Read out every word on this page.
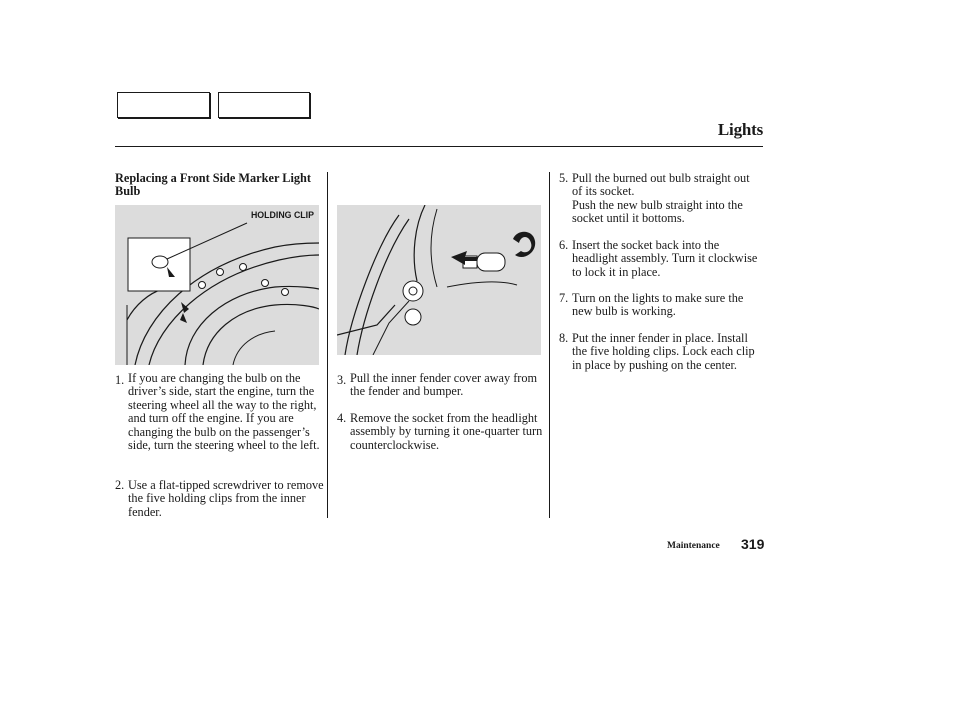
Lights
Replacing a Front Side Marker Light Bulb
HOLDING CLIP
1. If you are changing the bulb on the driver’s side, start the engine, turn the steering wheel all the way to the right, and turn off the engine. If you are changing the bulb on the passenger’s side, turn the steering wheel to the left.
2. Use a flat-tipped screwdriver to remove the five holding clips from the inner fender.
3. Pull the inner fender cover away from the fender and bumper.
4. Remove the socket from the headlight assembly by turning it one-quarter turn counterclockwise.
5. Pull the burned out bulb straight out of its socket.
Push the new bulb straight into the socket until it bottoms.
6. Insert the socket back into the headlight assembly. Turn it clockwise to lock it in place.
7. Turn on the lights to make sure the new bulb is working.
8. Put the inner fender in place. Install the five holding clips. Lock each clip in place by pushing on the center.
Maintenance 319
